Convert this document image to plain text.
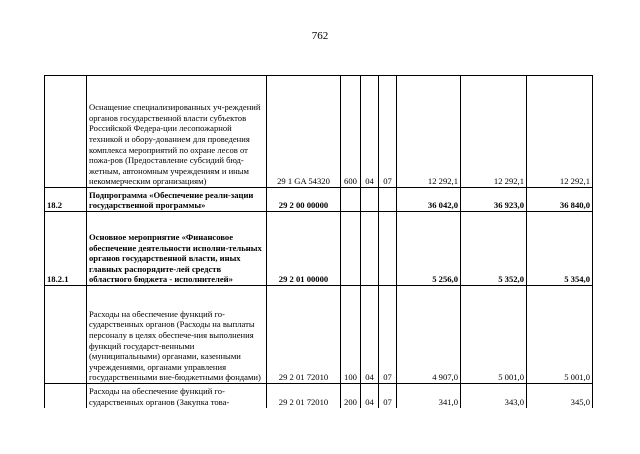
762
	Оснащение специализированных уч-реждений органов государственной власти субъектов Российской Федера-ции лесопожарной техникой и обору-дованием для проведения комплекса мероприятий по охране лесов от пожа-ров (Предоставление субсидий бюд-жетным, автономным учреждениям и иным некоммерческим организациям)	29 1 GA 54320	600	04	07	12 292,1	12 292,1	12 292,1
18.2	Подпрограмма «Обеспечение реали-зации государственной программы»	29 2 00 00000				36 042,0	36 923,0	36 840,0
18.2.1	Основное мероприятие «Финансовое обеспечение деятельности исполни-тельных органов государственной власти, иных главных распорядите-лей средств областного бюджета - исполнителей»	29 2 01 00000				5 256,0	5 352,0	5 354,0
	Расходы на обеспечение функций го-сударственных органов (Расходы на выплаты персоналу в целях обеспече-ния выполнения функций государст-венными (муниципальными) органами, казенными учреждениями, органами управления государственными вне-бюджетными фондами)	29 2 01 72010	100	04	07	4 907,0	5 001,0	5 001,0
	Расходы на обеспечение функций го-сударственных органов (Закупка това-	29 2 01 72010	200	04	07	341,0	343,0	345,0
